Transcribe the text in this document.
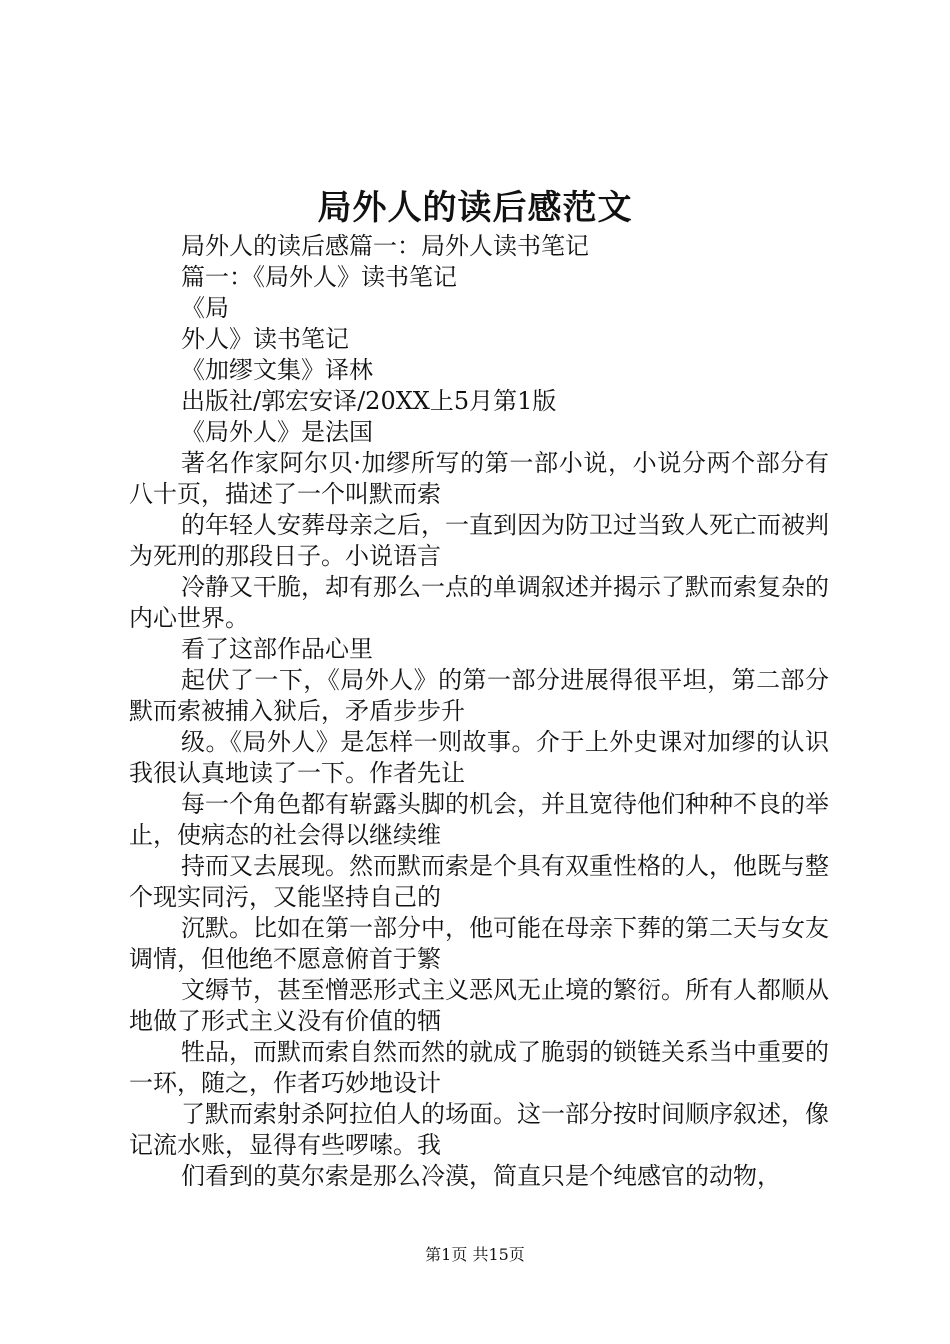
局外人的读后感范文

局外人的读后感篇一：局外人读书笔记

篇一：《局外人》读书笔记

《局

外人》读书笔记

《加缪文集》译林

出版社/郭宏安译/20XX上5月第1版

《局外人》是法国

著名作家阿尔贝·加缪所写的第一部小说，小说分两个部分有八十页，描述了一个叫默而索

的年轻人安葬母亲之后，一直到因为防卫过当致人死亡而被判为死刑的那段日子。小说语言

冷静又干脆，却有那么一点的单调叙述并揭示了默而索复杂的内心世界。

看了这部作品心里

起伏了一下，《局外人》的第一部分进展得很平坦，第二部分默而索被捕入狱后，矛盾步步升

级。《局外人》是怎样一则故事。介于上外史课对加缪的认识我很认真地读了一下。作者先让

每一个角色都有崭露头脚的机会，并且宽待他们种种不良的举止，使病态的社会得以继续维

持而又去展现。然而默而索是个具有双重性格的人，他既与整个现实同污，又能坚持自己的

沉默。比如在第一部分中，他可能在母亲下葬的第二天与女友调情，但他绝不愿意俯首于繁

文缛节，甚至憎恶形式主义恶风无止境的繁衍。所有人都顺从地做了形式主义没有价值的牺

牲品，而默而索自然而然的就成了脆弱的锁链关系当中重要的一环，随之，作者巧妙地设计

了默而索射杀阿拉伯人的场面。这一部分按时间顺序叙述，像记流水账，显得有些啰嗦。我

们看到的莫尔索是那么冷漠，简直只是个纯感官的动物，

第1页 共15页
